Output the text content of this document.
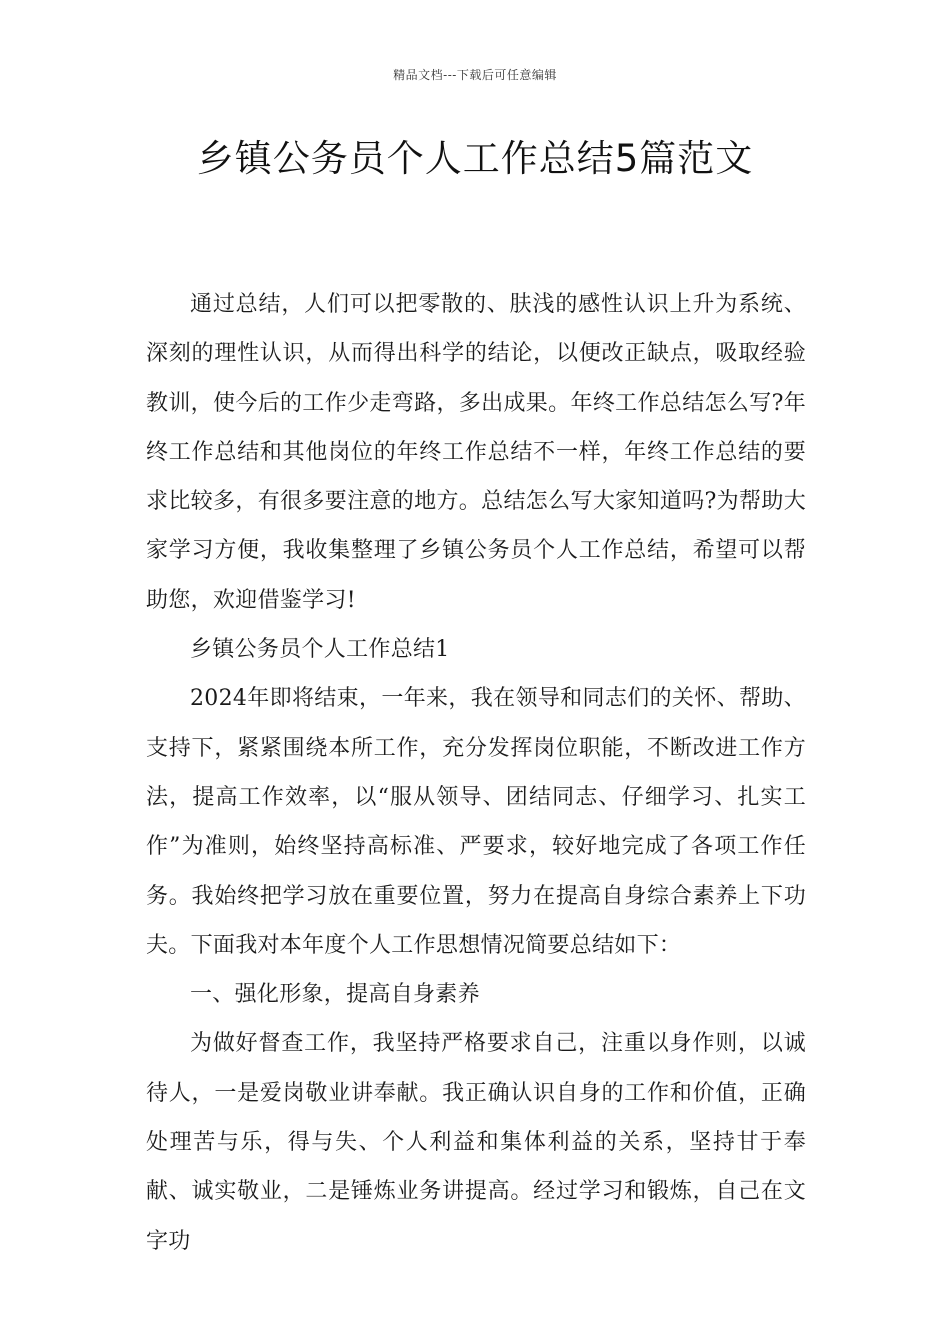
精品文档---下载后可任意编辑
乡镇公务员个人工作总结5篇范文

通过总结，人们可以把零散的、肤浅的感性认识上升为系统、深刻的理性认识，从而得出科学的结论，以便改正缺点，吸取经验教训，使今后的工作少走弯路，多出成果。年终工作总结怎么写?年终工作总结和其他岗位的年终工作总结不一样，年终工作总结的要求比较多，有很多要注意的地方。总结怎么写大家知道吗?为帮助大家学习方便，我收集整理了乡镇公务员个人工作总结，希望可以帮助您，欢迎借鉴学习!

乡镇公务员个人工作总结1

2024年即将结束，一年来，我在领导和同志们的关怀、帮助、支持下，紧紧围绕本所工作，充分发挥岗位职能，不断改进工作方法，提高工作效率，以“服从领导、团结同志、仔细学习、扎实工作”为准则，始终坚持高标准、严要求，较好地完成了各项工作任务。我始终把学习放在重要位置，努力在提高自身综合素养上下功夫。下面我对本年度个人工作思想情况简要总结如下：

一、强化形象，提高自身素养

为做好督查工作，我坚持严格要求自己，注重以身作则，以诚待人，一是爱岗敬业讲奉献。我正确认识自身的工作和价值，正确处理苦与乐，得与失、个人利益和集体利益的关系，坚持甘于奉献、诚实敬业，二是锤炼业务讲提高。经过学习和锻炼，自己在文字功
